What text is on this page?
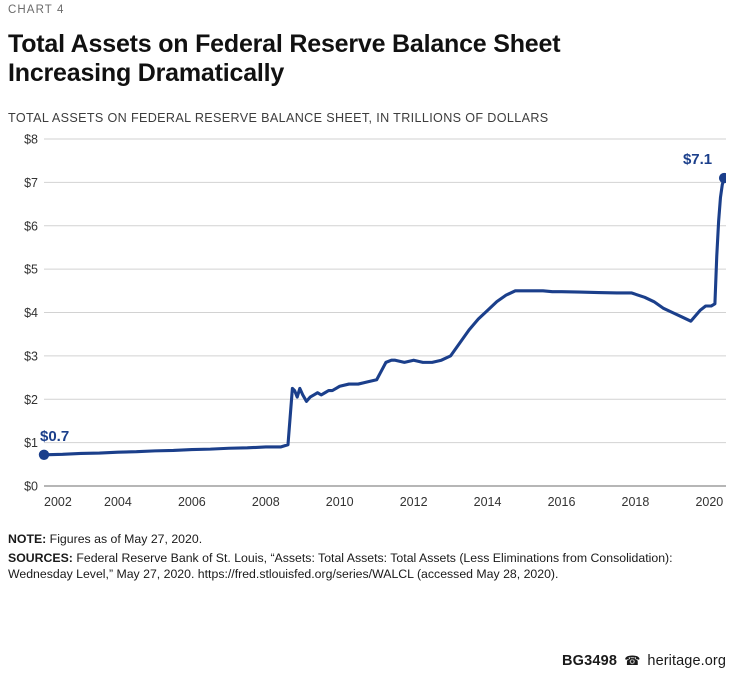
CHART 4
Total Assets on Federal Reserve Balance Sheet
Increasing Dramatically
TOTAL ASSETS ON FEDERAL RESERVE BALANCE SHEET, IN TRILLIONS OF DOLLARS
$0
$1
$2
$3
$4
$5
$6
$7
$8
2002	2004	2006	2008	2010	2012	2014	2016	2018	2020
$0.7
$7.1
NOTE: Figures as of May 27, 2020.
SOURCES: Federal Reserve Bank of St. Louis, “Assets: Total Assets: Total Assets (Less Eliminations from Consolidation): Wednesday Level,” May 27, 2020. https://fred.stlouisfed.org/series/WALCL (accessed May 28, 2020).
BG3498 ☎ heritage.org
